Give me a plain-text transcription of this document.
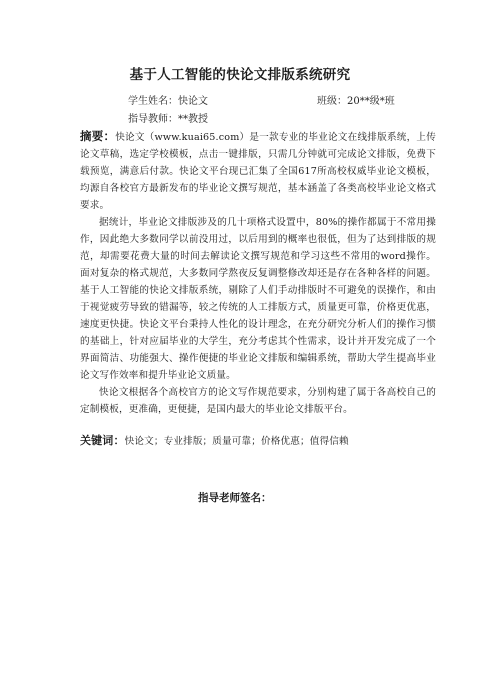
基于人工智能的快论文排版系统研究
学生姓名：快论文	班级：20**级*班
指导教师：**教授

摘要：快论文（www.kuai65.com）是一款专业的毕业论文在线排版系统，上传论文草稿，选定学校模板，点击一键排版，只需几分钟就可完成论文排版，免费下载预览，满意后付款。快论文平台现已汇集了全国617所高校权威毕业论文模板，均源自各校官方最新发布的毕业论文撰写规范，基本涵盖了各类高校毕业论文格式要求。

据统计，毕业论文排版涉及的几十项格式设置中，80%的操作都属于不常用操作，因此绝大多数同学以前没用过，以后用到的概率也很低，但为了达到排版的规范，却需要花费大量的时间去解读论文撰写规范和学习这些不常用的word操作。面对复杂的格式规范，大多数同学熬夜反复调整修改却还是存在各种各样的问题。基于人工智能的快论文排版系统，剔除了人们手动排版时不可避免的误操作，和由于视觉疲劳导致的错漏等，较之传统的人工排版方式，质量更可靠，价格更优惠，速度更快捷。快论文平台秉持人性化的设计理念，在充分研究分析人们的操作习惯的基础上，针对应届毕业的大学生，充分考虑其个性需求，设计并开发完成了一个界面简洁、功能强大、操作便捷的毕业论文排版和编辑系统，帮助大学生提高毕业论文写作效率和提升毕业论文质量。

快论文根据各个高校官方的论文写作规范要求，分别构建了属于各高校自己的定制模板，更准确，更便捷，是国内最大的毕业论文排版平台。

关键词：快论文；专业排版；质量可靠；价格优惠；值得信赖

指导老师签名：
